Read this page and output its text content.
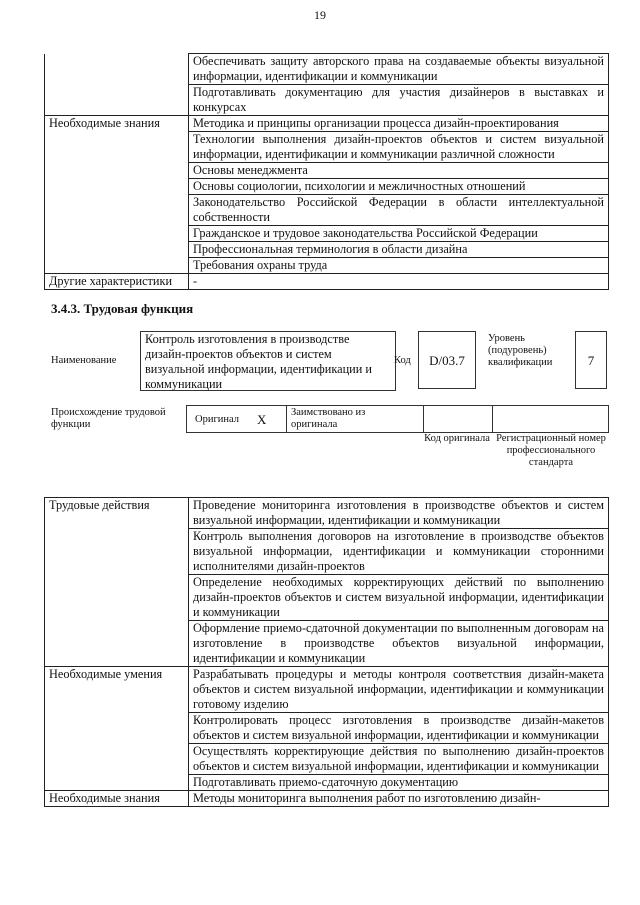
19
	Обеспечивать защиту авторского права на создаваемые объекты визуальной информации, идентификации и коммуникации
	Подготавливать документацию для участия дизайнеров в выставках и конкурсах
Необходимые знания	Методика и принципы организации процесса дизайн-проектирования
	Технологии выполнения дизайн-проектов объектов и систем визуальной информации, идентификации и коммуникации различной сложности
	Основы менеджмента
	Основы социологии, психологии и межличностных отношений
	Законодательство Российской Федерации в области интеллектуальной собственности
	Гражданское и трудовое законодательства Российской Федерации
	Профессиональная терминология в области дизайна
	Требования охраны труда
Другие характеристики	-
3.4.3. Трудовая функция
Наименование
Контроль изготовления в производстве дизайн-проектов объектов и систем визуальной информации, идентификации и коммуникации
Код	D/03.7
Уровень (подуровень) квалификации	7
Происхождение трудовой функции	Оригинал X Заимствовано из оригинала
Код оригинала Регистрационный номер профессионального стандарта
Трудовые действия	Проведение мониторинга изготовления в производстве объектов и систем визуальной информации, идентификации и коммуникации
	Контроль выполнения договоров на изготовление в производстве объектов визуальной информации, идентификации и коммуникации сторонними исполнителями дизайн-проектов
	Определение необходимых корректирующих действий по выполнению дизайн-проектов объектов и систем визуальной информации, идентификации и коммуникации
	Оформление приемо-сдаточной документации по выполненным договорам на изготовление в производстве объектов визуальной информации, идентификации и коммуникации
Необходимые умения	Разрабатывать процедуры и методы контроля соответствия дизайн-макета объектов и систем визуальной информации, идентификации и коммуникации готовому изделию
	Контролировать процесс изготовления в производстве дизайн-макетов объектов и систем визуальной информации, идентификации и коммуникации
	Осуществлять корректирующие действия по выполнению дизайн-проектов объектов и систем визуальной информации, идентификации и коммуникации
	Подготавливать приемо-сдаточную документацию
Необходимые знания	Методы мониторинга выполнения работ по изготовлению дизайн-
